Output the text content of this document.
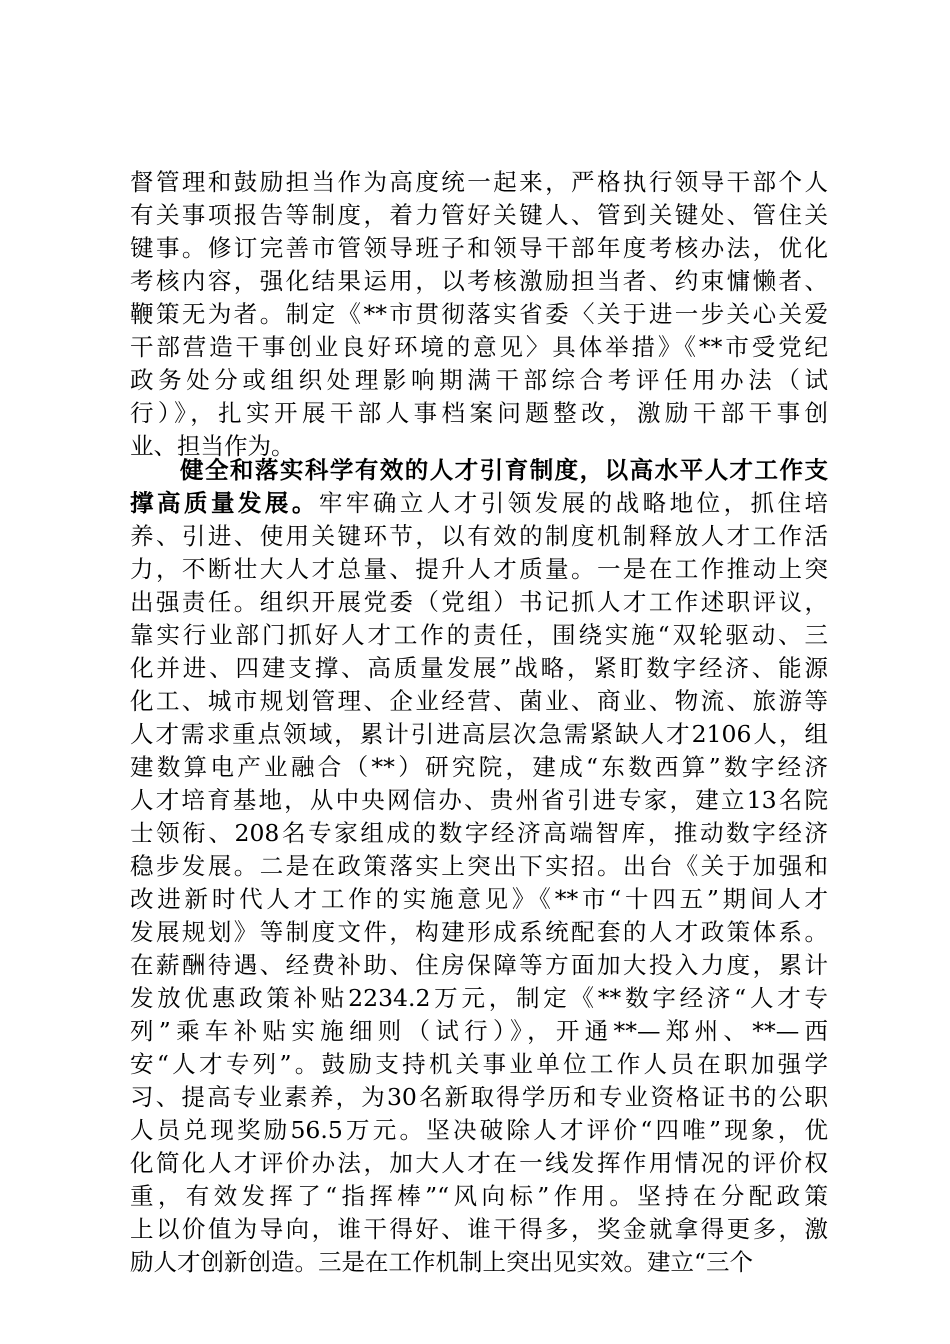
督管理和鼓励担当作为高度统一起来，严格执行领导干部个人
有关事项报告等制度，着力管好关键人、管到关键处、管住关
键事。修订完善市管领导班子和领导干部年度考核办法，优化
考核内容，强化结果运用，以考核激励担当者、约束慵懒者、
鞭策无为者。制定《**市贯彻落实省委〈关于进一步关心关爱
干部营造干事创业良好环境的意见〉具体举措》《**市受党纪
政务处分或组织处理影响期满干部综合考评任用办法（试
行）》，扎实开展干部人事档案问题整改，激励干部干事创
业、担当作为。
　　健全和落实科学有效的人才引育制度，以高水平人才工作支
撑高质量发展。牢牢确立人才引领发展的战略地位，抓住培
养、引进、使用关键环节，以有效的制度机制释放人才工作活
力，不断壮大人才总量、提升人才质量。一是在工作推动上突
出强责任。组织开展党委（党组）书记抓人才工作述职评议，
靠实行业部门抓好人才工作的责任，围绕实施“双轮驱动、三
化并进、四建支撑、高质量发展”战略，紧盯数字经济、能源
化工、城市规划管理、企业经营、菌业、商业、物流、旅游等
人才需求重点领域，累计引进高层次急需紧缺人才2106人，组
建数算电产业融合（**）研究院，建成“东数西算”数字经济
人才培育基地，从中央网信办、贵州省引进专家，建立13名院
士领衔、208名专家组成的数字经济高端智库，推动数字经济
稳步发展。二是在政策落实上突出下实招。出台《关于加强和
改进新时代人才工作的实施意见》《**市“十四五”期间人才
发展规划》等制度文件，构建形成系统配套的人才政策体系。
在薪酬待遇、经费补助、住房保障等方面加大投入力度，累计
发放优惠政策补贴2234.2万元，制定《**数字经济“人才专
列”乘车补贴实施细则（试行）》，开通**—郑州、**—西
安“人才专列”。鼓励支持机关事业单位工作人员在职加强学
习、提高专业素养，为30名新取得学历和专业资格证书的公职
人员兑现奖励56.5万元。坚决破除人才评价“四唯”现象，优
化简化人才评价办法，加大人才在一线发挥作用情况的评价权
重，有效发挥了“指挥棒”“风向标”作用。坚持在分配政策
上以价值为导向，谁干得好、谁干得多，奖金就拿得更多，激
励人才创新创造。三是在工作机制上突出见实效。建立“三个
